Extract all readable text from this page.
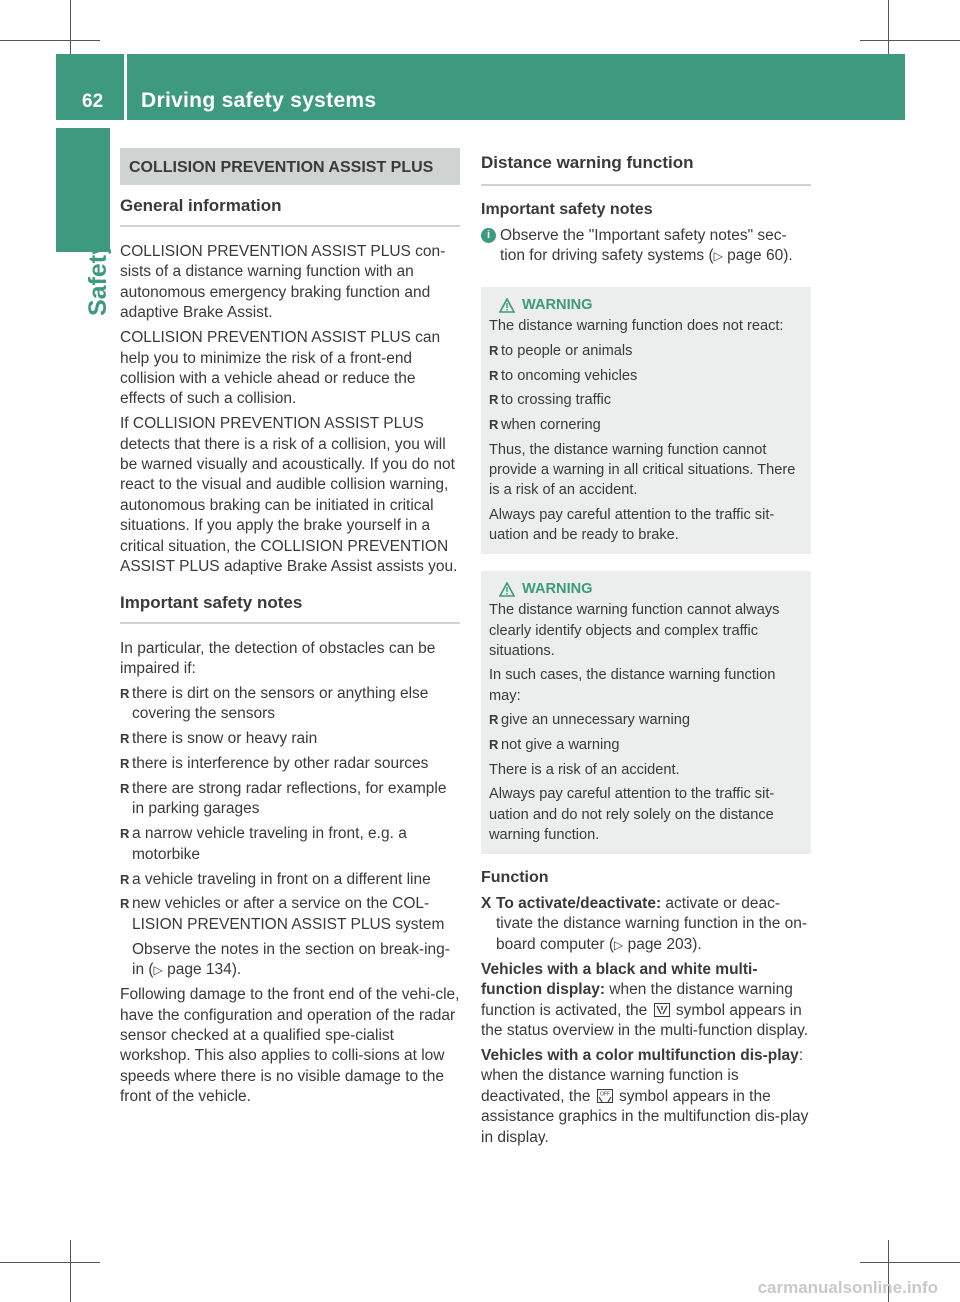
62 Driving safety systems
Safety
COLLISION PREVENTION ASSIST PLUS
General information

COLLISION PREVENTION ASSIST PLUS con-sists of a distance warning function with an autonomous emergency braking function and adaptive Brake Assist.

COLLISION PREVENTION ASSIST PLUS can help you to minimize the risk of a front-end collision with a vehicle ahead or reduce the effects of such a collision.

If COLLISION PREVENTION ASSIST PLUS detects that there is a risk of a collision, you will be warned visually and acoustically. If you do not react to the visual and audible collision warning, autonomous braking can be initiated in critical situations. If you apply the brake yourself in a critical situation, the COLLISION PREVENTION ASSIST PLUS adaptive Brake Assist assists you.

Important safety notes

In particular, the detection of obstacles can be impaired if:

R there is dirt on the sensors or anything else covering the sensors
R there is snow or heavy rain
R there is interference by other radar sources
R there are strong radar reflections, for example in parking garages
R a narrow vehicle traveling in front, e.g. a motorbike
R a vehicle traveling in front on a different line
R new vehicles or after a service on the COL-LISION PREVENTION ASSIST PLUS system

Observe the notes in the section on break-ing-in (▷ page 134).

Following damage to the front end of the vehi-cle, have the configuration and operation of the radar sensor checked at a qualified spe-cialist workshop. This also applies to colli-sions at low speeds where there is no visible damage to the front of the vehicle.

Distance warning function
Important safety notes

i Observe the "Important safety notes" sec-tion for driving safety systems (▷ page 60).

WARNING

The distance warning function does not react:

R to people or animals
R to oncoming vehicles
R to crossing traffic
R when cornering

Thus, the distance warning function cannot provide a warning in all critical situations. There is a risk of an accident.

Always pay careful attention to the traffic sit-uation and be ready to brake.

WARNING

The distance warning function cannot always clearly identify objects and complex traffic situations.

In such cases, the distance warning function may:

R give an unnecessary warning
R not give a warning

There is a risk of an accident.

Always pay careful attention to the traffic sit-uation and do not rely solely on the distance warning function.

Function

X To activate/deactivate: activate or deac-tivate the distance warning function in the on-board computer (▷ page 203).

Vehicles with a black and white multi-function display: when the distance warning function is activated, the  symbol appears in the status overview in the multi-function display.

Vehicles with a color multifunction dis-play: when the distance warning function is deactivated, the OFF symbol appears in the assistance graphics in the multifunction dis-play in display.

carmanualsonline.info
